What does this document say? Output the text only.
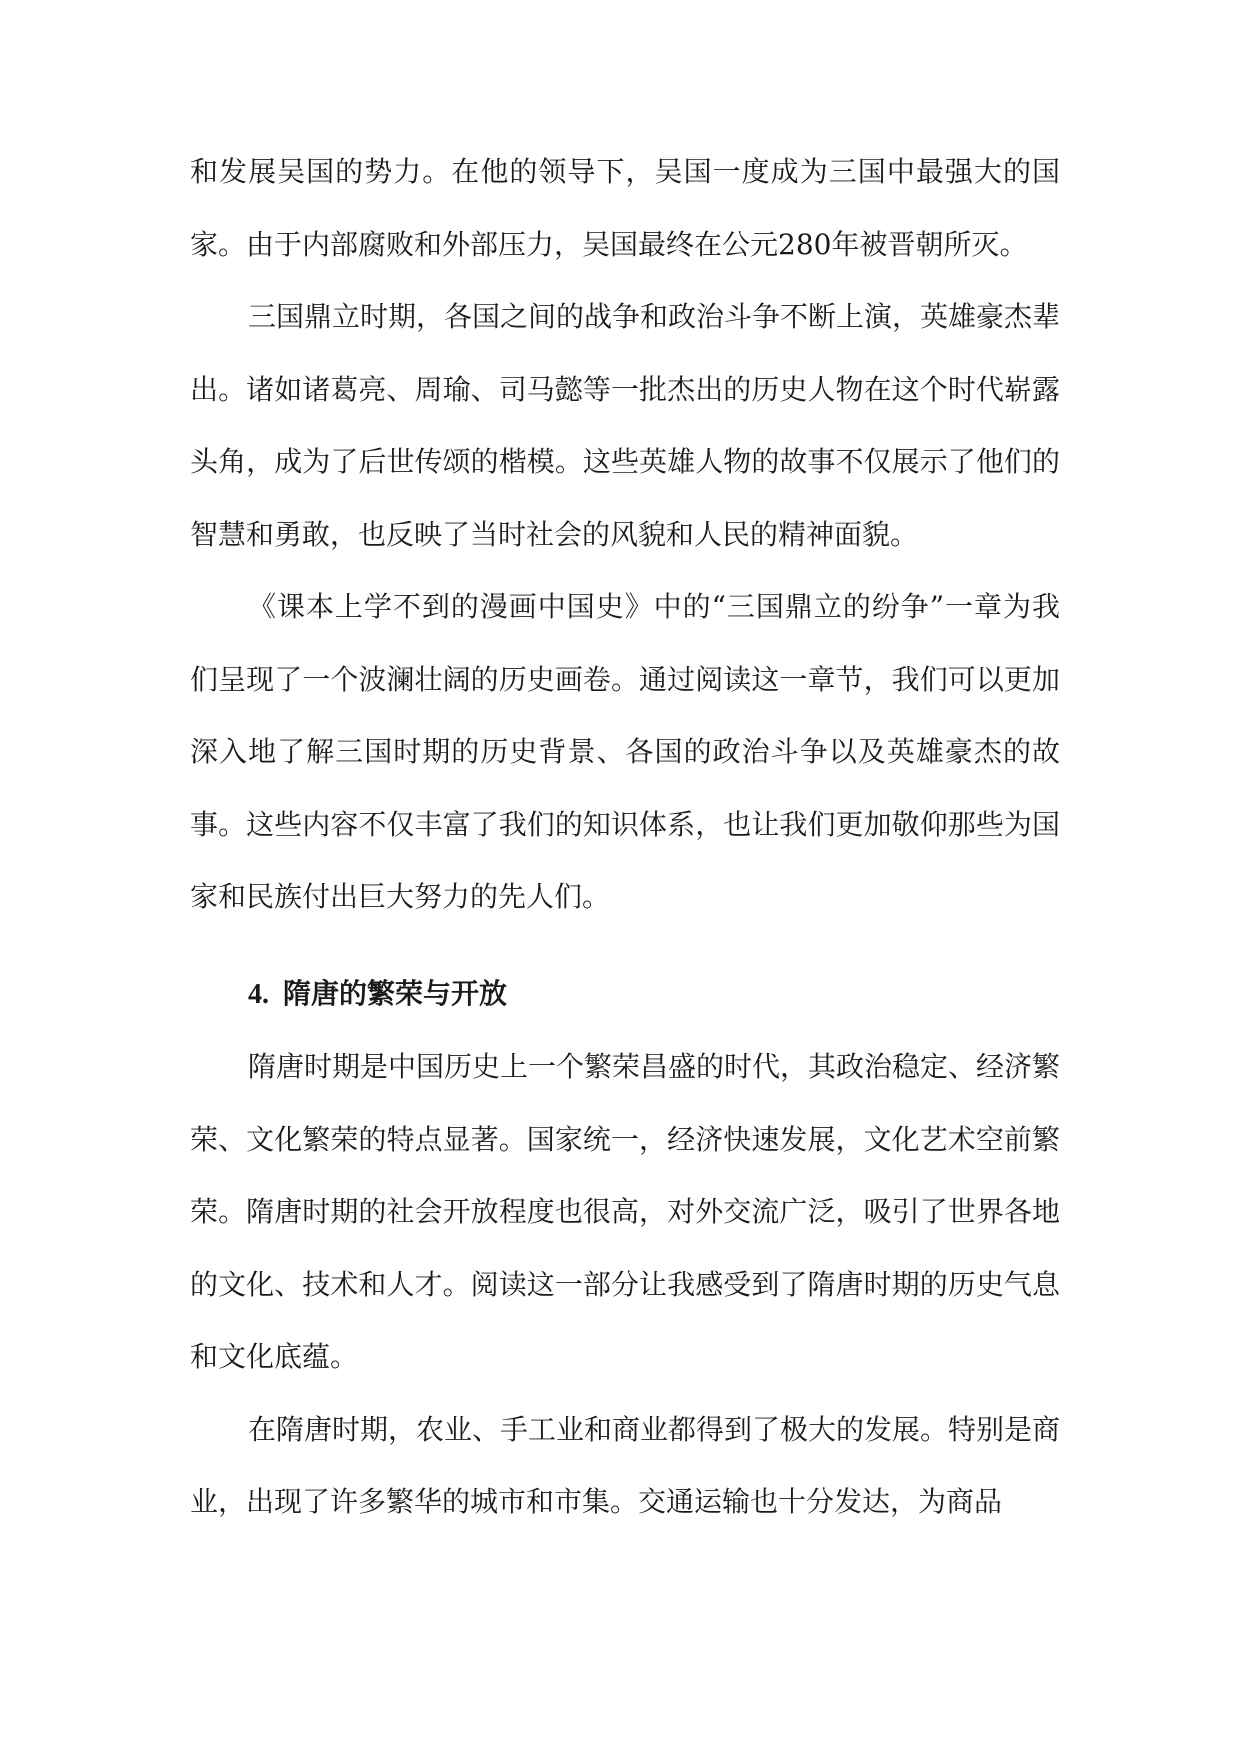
和发展吴国的势力。在他的领导下，吴国一度成为三国中最强大的国家。由于内部腐败和外部压力，吴国最终在公元280年被晋朝所灭。

三国鼎立时期，各国之间的战争和政治斗争不断上演，英雄豪杰辈出。诸如诸葛亮、周瑜、司马懿等一批杰出的历史人物在这个时代崭露头角，成为了后世传颂的楷模。这些英雄人物的故事不仅展示了他们的智慧和勇敢，也反映了当时社会的风貌和人民的精神面貌。

《课本上学不到的漫画中国史》中的“三国鼎立的纷争”一章为我们呈现了一个波澜壮阔的历史画卷。通过阅读这一章节，我们可以更加深入地了解三国时期的历史背景、各国的政治斗争以及英雄豪杰的故事。这些内容不仅丰富了我们的知识体系，也让我们更加敬仰那些为国家和民族付出巨大努力的先人们。

4. 隋唐的繁荣与开放

隋唐时期是中国历史上一个繁荣昌盛的时代，其政治稳定、经济繁荣、文化繁荣的特点显著。国家统一，经济快速发展，文化艺术空前繁荣。隋唐时期的社会开放程度也很高，对外交流广泛，吸引了世界各地的文化、技术和人才。阅读这一部分让我感受到了隋唐时期的历史气息和文化底蕴。

在隋唐时期，农业、手工业和商业都得到了极大的发展。特别是商业，出现了许多繁华的城市和市集。交通运输也十分发达，为商品
